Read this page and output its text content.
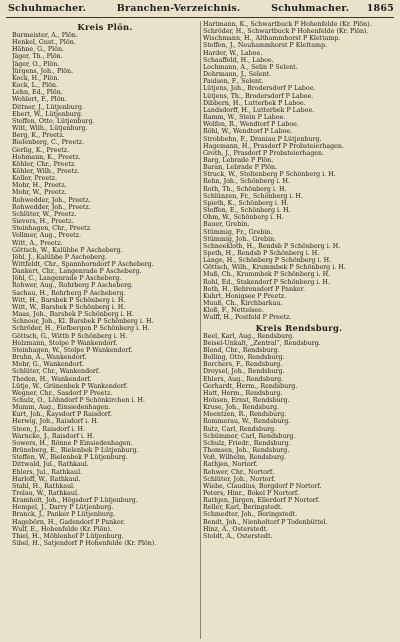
Schuhmacher.	Branchen-Verzeichnis.	Schuhmacher. 1865
Kreis Plön.
Burmeister, A., Plön.
Henkel, Gust., Plön.
Hähne, G., Plön.
Jäger, Th., Plön.
Jäger, O., Plön.
Jürgens, Joh., Plön.
Kock, H., Plön.
Kock, L., Plön.
Lehn, Ed., Plön.
Wohlert, F., Plön.
Dittner, J., Lütjenburg.
Ebert, W., Lütjenburg.
Steffen, Otto, Lütjenburg.
Witt, Wilh., Lütjenburg.
Berg, K., Preetz.
Bielenberg, C., Preetz.
Gerlig, K., Preetz.
Hohmann, K., Preetz.
Köhler, Chr., Preetz.
Köhler, Wilh., Preetz.
Koller, Preetz.
Mohr, H., Preetz.
Mohr, W., Preetz.
Rohwedder, Joh., Preetz.
Rohwedder, Joh., Preetz.
Schlüter, W., Preetz.
Sievers, H., Preetz.
Steinhagen, Chr., Preetz.
Vollmer, Aug., Preetz.
Witt, A., Preetz.
Göttsch, W., Kalübbe P Ascheberg.
Jöhl, J., Kalübbe P Ascheberg.
Wittfeldt, Chr., Spannhorndorf P Ascheberg.
Dankert, Chr., Langenrade P Ascheberg.
Jöhl, C., Langenrade P Ascheberg.
Rohwer, Aug., Rohrberg P Ascheberg.
Sachau, H., Rohrberg P Ascheberg.
Witt, H., Barsbek P Schönberg i. H.
Witt, W., Barsbek P Schönberg i. H.
Maas, Joh., Barsbek P Schönberg i. H.
Schnoor, Joh., Kl. Barsbek P Schönberg i. H.
Schröder, H., Fiefbergen P Schönberg i. H.
Göttsch, G., Wittb P Schönberg i. H.
Holzmann, Stolpe P Wankendorf.
Steinhagen, W., Stolpe P Wankendorf.
Bruhn, A., Wankendorf.
Mohr, G., Wankendorf.
Schlüter, Chr., Wankendorf.
Theden, H., Wankendorf.
Lütje, W., Grünenbek P Wankendorf.
Wegner, Chr., Sasdorf P Preetz.
Schulz, O., Löhndorf P Schönkirchen i. H.
Mumm, Aug., Einsiedenhagen.
Kurt, Joh., Kaysdorf P Raisdorf.
Herwig, Joh., Raisdorf i. H.
Steen, J., Raisdorf i. H.
Warncke, J., Raisdorf i. H.
Sowers, H., Rönne P Einsiedenhagen.
Brüneberg, E., Bielenbek P Lütjenburg.
Steffen, W., Bielenbek P Lütjenburg.
Dittwald, Jul., Rathkaul.
Ehlers, Jul., Rathkaul.
Harloff, W., Rathkaul.
Stahl, H., Rathkaul.
Trelau, W., Rathkaul.
Kramholt, Joh., Högsdorf P Lütjenburg.
Hempel, J., Darry P Lütjenburg.
Branck, J., Panker P Lütjenburg.
Hagebörn, H., Gadendorf P Panker.
Wulf, E., Hohenfelde (Kr. Plön).
Thiel, H., Möhlenhof P Lütjenburg.
Sibel, H., Satjendorf P Hohenfelde (Kr. Plön).
Hartmann, K., Schwartbuck P Hohenfelde (Kr. Plön).
Schröder, H., Schwartbuck P Hohenfelde (Kr. Plön).
Wischmann, H., Althammhorst P Klettamp.
Steffen, J., Neuhammhorst P Klettamp.
Harder, W., Laboe.
Schaaffeld, H., Laboe.
Lochmann, A., Selin P Selent.
Dohrmann, J., Selent.
Paulsen, F., Selent.
Lütjens, Joh., Brodersdorf P Laboe.
Lütjens, Th., Brodersdorf P Laboe.
Dibbern, H., Lutterbek P Laboe.
Landsdorff, H., Lutterbek P Laboe.
Ramm, W., Stein P Laboe.
Wolfen, R., Wendtorf P Laboe.
Röhl, W., Wendtorf P Laboe.
Strobbehn, F., Draniau P Lütjenburg.
Hagemann, H., Prasdorf P Probsteierhagen.
Groth, J., Prasdorf P Probsteierhagen.
Barg, Lebrade P Plön.
Baran, Lebrade P Plön.
Struck, W., Stoltenberg P Schönberg i. H.
Rehn, Joh., Schönberg i. H.
Roth, Th., Schönberg i. H.
Schlünzen, Fr., Schönberg i. H.
Spieth, K., Schönberg i. H.
Steffen, E., Schönberg i. H.
Ohm, W., Schönberg i. H.
Bauer, Grebin.
Stümmig, Fr., Grebin.
Stümmig, Joh., Grebin.
Schneekloth, H., Rendsb P Schönberg i. H.
Speth, H., Rendsb P Schönberg i. H.
Lange, H., Schönberg P Schönberg i. H.
Göttsch, Wilh., Krummbek P Schönberg i. H.
Muß, Ch., Krummbek P Schönberg i. H.
Rohl, Ed., Stakendorf P Schönberg i. H.
Both, H., Behrensdorf P Panker.
Kuhrt, Honigsee P Preetz.
Muuß, Ch., Kirchbarkau.
Kloß, F., Nettelsee.
Wulff, H., Postfeld P Preetz.
Kreis Rendsburg.
Beel, Karl, Aug., Rendsburg.
Beisel-Unkalt, „Zentral“, Rendsburg.
Blond, Chr., Rendsburg.
Bolling, Otto, Rendsburg.
Borchers, F., Rendsburg.
Droysel, Joh., Rendsburg.
Ehlers, Aug., Rendsburg.
Gerhardt, Herm., Rendsburg.
Hatt, Herm., Rendsburg.
Hoüsen, Ernst, Rendsburg.
Kruse, Joh., Rendsburg.
Meentzen, R., Rendsburg.
Rommerau, W., Rendsburg.
Rutz, Carl, Rendsburg.
Schümmer, Carl, Rendsburg.
Schulz, Friedr., Rendsburg.
Thomsen, Joh., Rendsburg.
Voß, Wilhelm, Rendsburg.
Rathjen, Nortorf.
Rohwer, Chr., Nortorf.
Schlüter, Joh., Nortorf.
Wiebe, Claudius, Borgdorf P Nortorf.
Peters, Hinr., Bokel P Nortorf.
Rathjen, Jürgen, Ellerdorf P Nortorf.
Reller, Karl, Beringstedt.
Schmedter, Joh., Beringstedt.
Bendt, Joh., Nienholtorf P Todenbüttel.
Hinz, A., Osterstedt.
Stoldt, A., Osterstedt.
